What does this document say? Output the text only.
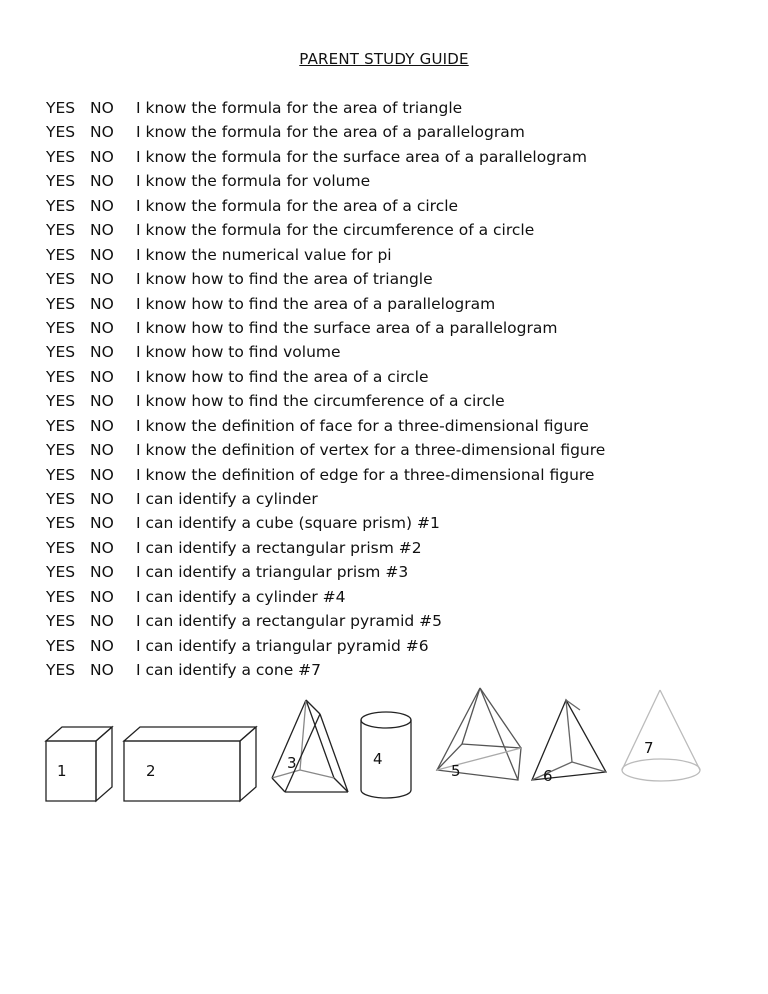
PARENT STUDY GUIDE
YES NO	I know the formula for the area of triangle
YES NO	I know the formula for the area of a parallelogram
YES NO	I know the formula for the surface area of a parallelogram
YES NO	I know the formula for volume
YES NO	I know the formula for the area of a circle
YES NO	I know the formula for the circumference of a circle
YES NO	I know the numerical value for pi
YES NO	I know how to find the area of triangle
YES NO	I know how to find the area of a parallelogram
YES NO	I know how to find the surface area of a parallelogram
YES NO	I know how to find volume
YES NO	I know how to find the area of a circle
YES NO	I know how to find the circumference of a circle
YES NO	I know the definition of face for a three-dimensional figure
YES NO	I know the definition of vertex for a three-dimensional figure
YES NO	I know the definition of edge for a three-dimensional figure
YES NO	I can identify a cylinder
YES NO	I can identify a cube (square prism) #1
YES NO	I can identify a rectangular prism #2
YES NO	I can identify a triangular prism #3
YES NO	I can identify a cylinder #4
YES NO	I can identify a rectangular pyramid #5
YES NO	I can identify a triangular pyramid #6
YES NO	I can identify a cone #7
1	2	3	4
5	6
7
